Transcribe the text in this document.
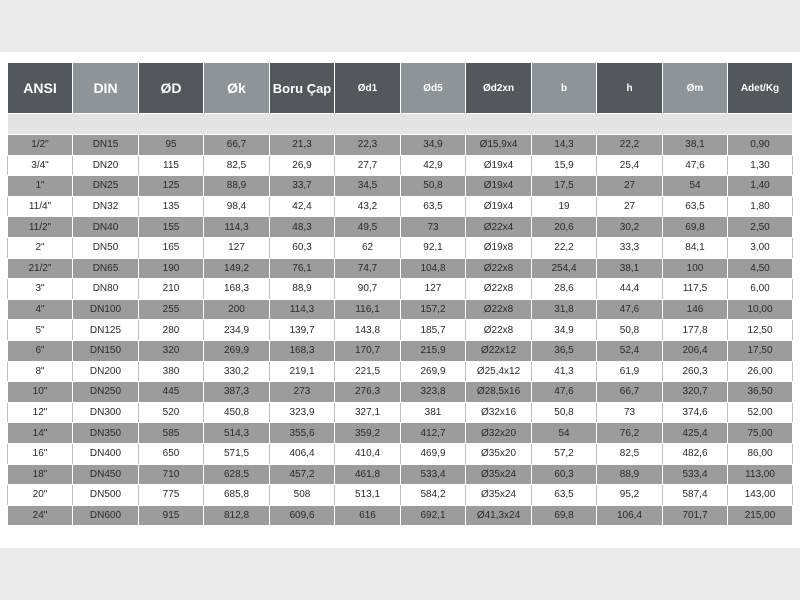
ANSI	DIN	ØD	Øk	Boru Çap	Ød1	Ød5	Ød2xn	b	h	Øm	Adet/Kg

1/2"	DN15	95	66,7	21,3	22,3	34,9	Ø15,9x4	14,3	22,2	38,1	0,90
3/4"	DN20	115	82,5	26,9	27,7	42,9	Ø19x4	15,9	25,4	47,6	1,30
1"	DN25	125	88,9	33,7	34,5	50,8	Ø19x4	17,5	27	54	1,40
11/4"	DN32	135	98,4	42,4	43,2	63,5	Ø19x4	19	27	63,5	1,80
11/2"	DN40	155	114,3	48,3	49,5	73	Ø22x4	20,6	30,2	69,8	2,50
2"	DN50	165	127	60,3	62	92,1	Ø19x8	22,2	33,3	84,1	3,00
21/2"	DN65	190	149,2	76,1	74,7	104,8	Ø22x8	254,4	38,1	100	4,50
3"	DN80	210	168,3	88,9	90,7	127	Ø22x8	28,6	44,4	117,5	6,00
4"	DN100	255	200	114,3	116,1	157,2	Ø22x8	31,8	47,6	146	10,00
5"	DN125	280	234,9	139,7	143,8	185,7	Ø22x8	34,9	50,8	177,8	12,50
6"	DN150	320	269,9	168,3	170,7	215,9	Ø22x12	36,5	52,4	206,4	17,50
8"	DN200	380	330,2	219,1	221,5	269,9	Ø25,4x12	41,3	61,9	260,3	26,00
10"	DN250	445	387,3	273	276,3	323,8	Ø28,5x16	47,6	66,7	320,7	36,50
12"	DN300	520	450,8	323,9	327,1	381	Ø32x16	50,8	73	374,6	52,00
14"	DN350	585	514,3	355,6	359,2	412,7	Ø32x20	54	76,2	425,4	75,00
16"	DN400	650	571,5	406,4	410,4	469,9	Ø35x20	57,2	82,5	482,6	86,00
18"	DN450	710	628,5	457,2	461,8	533,4	Ø35x24	60,3	88,9	533,4	113,00
20"	DN500	775	685,8	508	513,1	584,2	Ø35x24	63,5	95,2	587,4	143,00
24"	DN600	915	812,8	609,6	616	692,1	Ø41,3x24	69,8	106,4	701,7	215,00
